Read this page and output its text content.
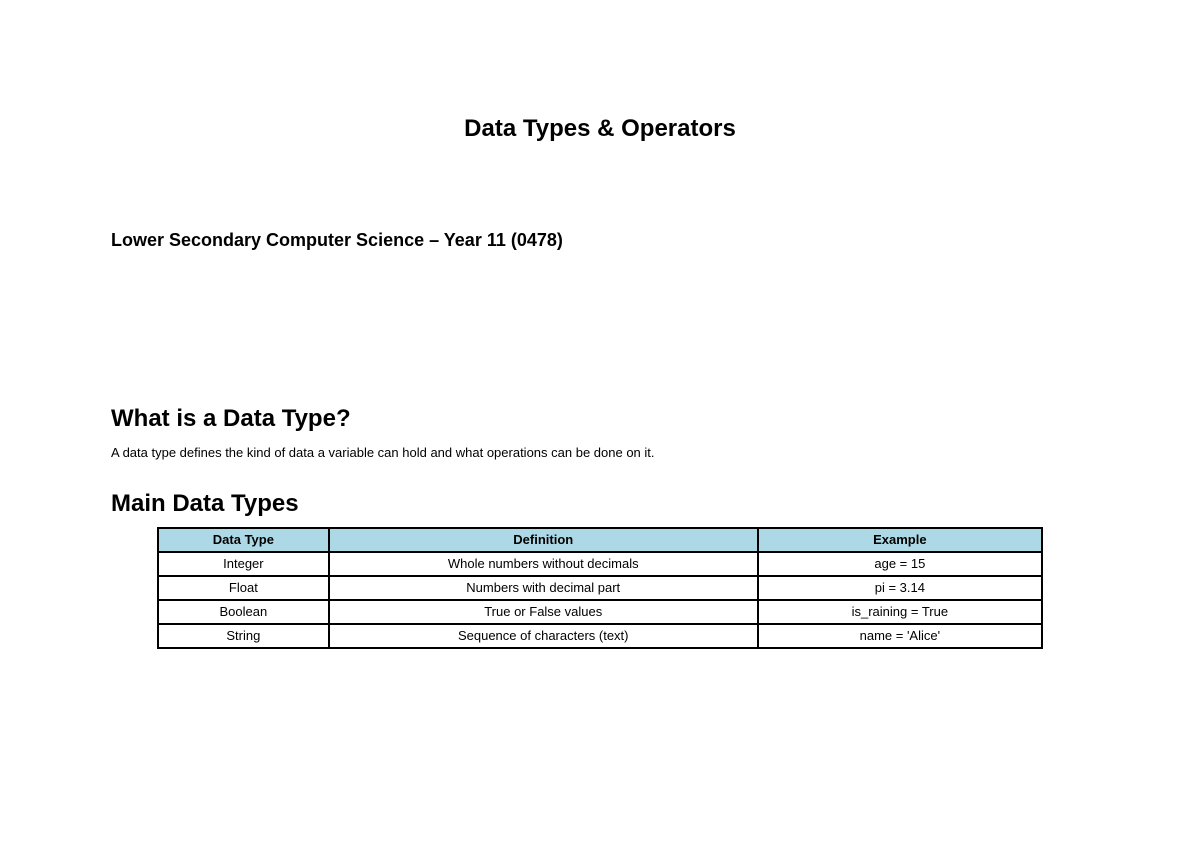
Data Types & Operators
Lower Secondary Computer Science – Year 11 (0478)
What is a Data Type?
A data type defines the kind of data a variable can hold and what operations can be done on it.
Main Data Types
Data Type	Definition	Example
Integer	Whole numbers without decimals	age = 15
Float	Numbers with decimal part	pi = 3.14
Boolean	True or False values	is_raining = True
String	Sequence of characters (text)	name = 'Alice'
